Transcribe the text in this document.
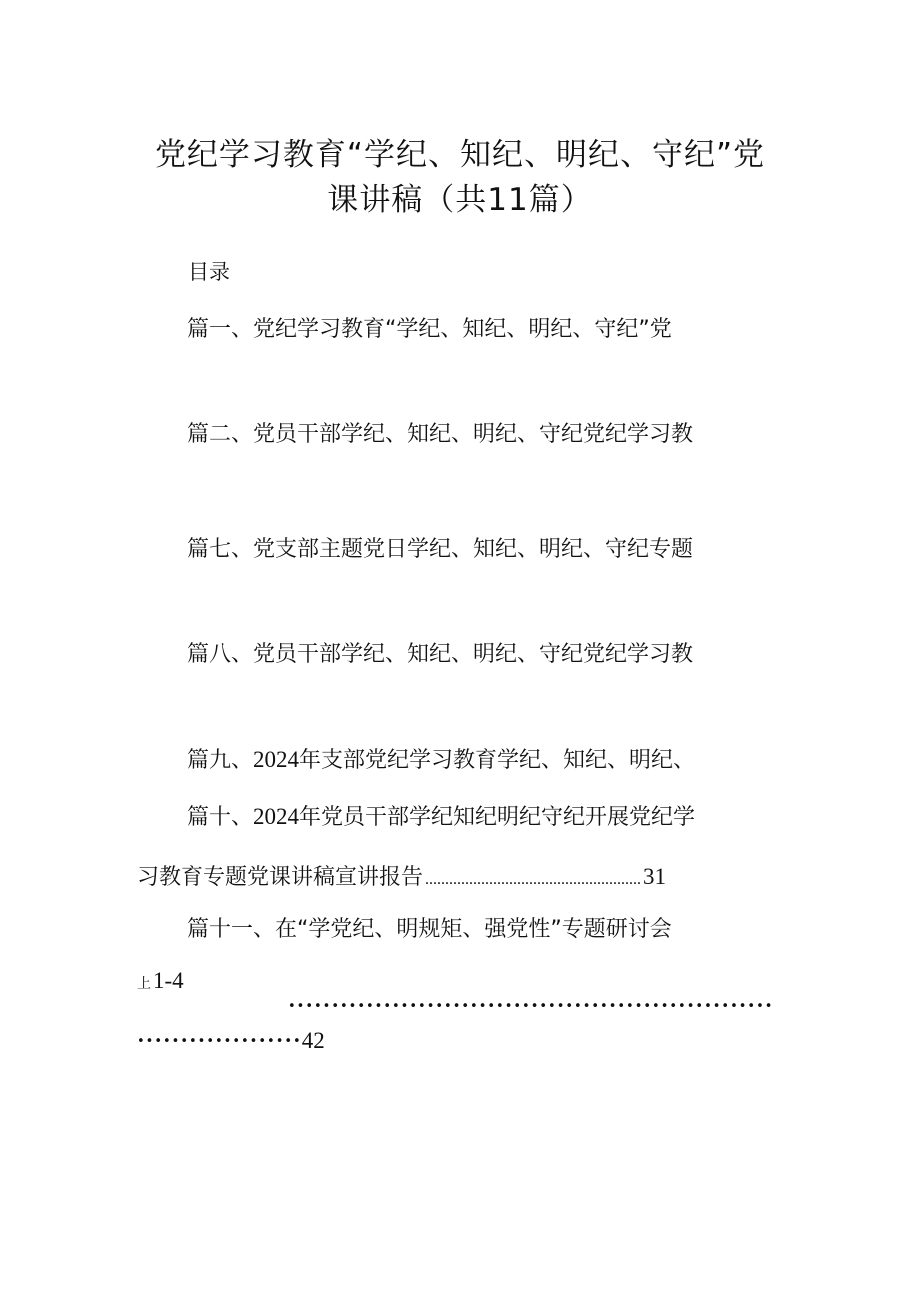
党纪学习教育“学纪、知纪、明纪、守纪”党
课讲稿（共11篇）
目录
篇一、党纪学习教育“学纪、知纪、明纪、守纪”党
篇二、党员干部学纪、知纪、明纪、守纪党纪学习教
篇七、党支部主题党日学纪、知纪、明纪、守纪专题
篇八、党员干部学纪、知纪、明纪、守纪党纪学习教
篇九、2024年支部党纪学习教育学纪、知纪、明纪、
篇十、2024年党员干部学纪知纪明纪守纪开展党纪学
习教育专题党课讲稿宣讲报告 ......................................................31
篇十一、在“学党纪、明规矩、强党性”专题研讨会
上1-4
••••••••••••••••••••••••••••••••••••••••••••••••••••••••
•••••••••••••••••••42
